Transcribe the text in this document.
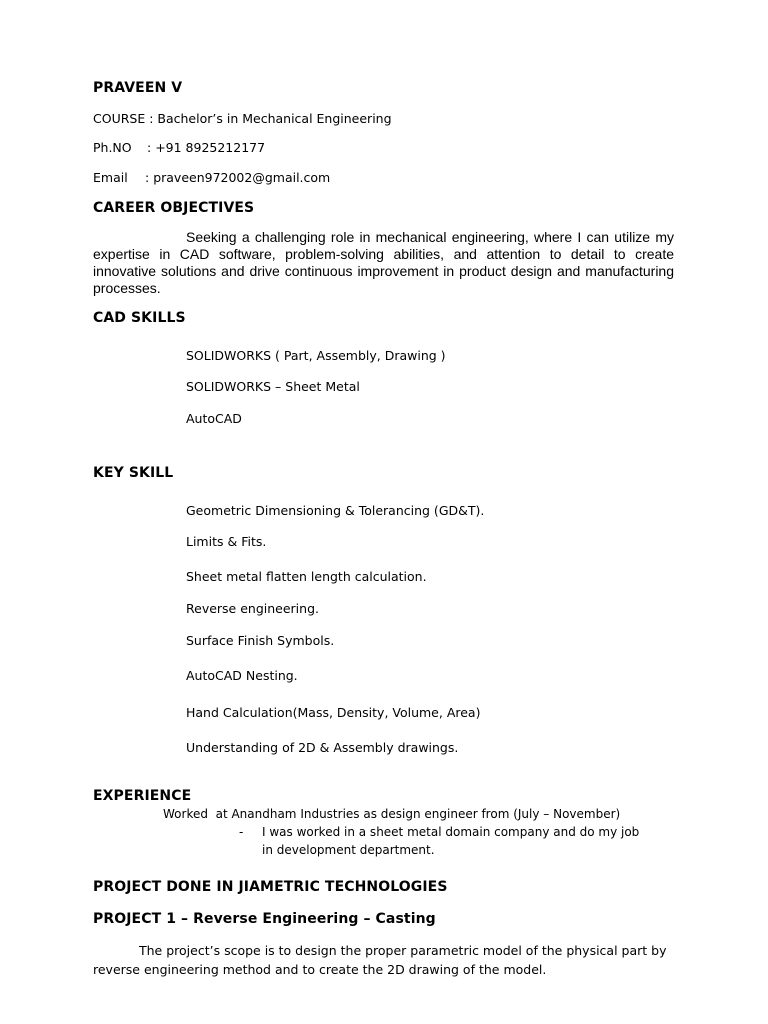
PRAVEEN V
COURSE : Bachelor’s in Mechanical Engineering
Ph.NO : +91 8925212177
Email : praveen972002@gmail.com
CAREER OBJECTIVES
Seeking a challenging role in mechanical engineering, where I can utilize my expertise in CAD software, problem-solving abilities, and attention to detail to create innovative solutions and drive continuous improvement in product design and manufacturing processes.
CAD SKILLS
SOLIDWORKS ( Part, Assembly, Drawing )
SOLIDWORKS – Sheet Metal
AutoCAD
KEY SKILL
Geometric Dimensioning & Tolerancing (GD&T).
Limits & Fits.
Sheet metal flatten length calculation.
Reverse engineering.
Surface Finish Symbols.
AutoCAD Nesting.
Hand Calculation(Mass, Density, Volume, Area)
Understanding of 2D & Assembly drawings.
EXPERIENCE
Worked  at Anandham Industries as design engineer from (July – November)
- I was worked in a sheet metal domain company and do my job
in development department.
PROJECT DONE IN JIAMETRIC TECHNOLOGIES
PROJECT 1 – Reverse Engineering – Casting
The project’s scope is to design the proper parametric model of the physical part by reverse engineering method and to create the 2D drawing of the model.
